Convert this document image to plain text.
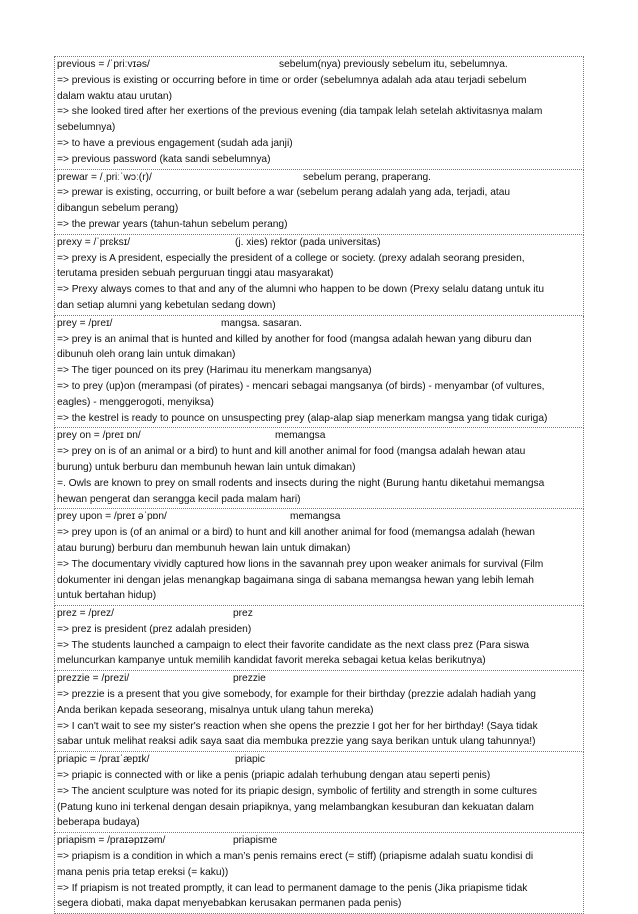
previous = /ˈpriːvɪəs/	sebelum(nya) previously sebelum itu, sebelumnya.
=> previous is existing or occurring before in time or order (sebelumnya adalah ada atau terjadi sebelum
dalam waktu atau urutan)
=> she looked tired after her exertions of the previous evening (dia tampak lelah setelah aktivitasnya malam
sebelumnya)
=> to have a previous engagement (sudah ada janji)
=> previous password (kata sandi sebelumnya)
prewar = /ˌpriːˈwɔː(r)/	sebelum perang, praperang.
=> prewar is existing, occurring, or built before a war (sebelum perang adalah yang ada, terjadi, atau
dibangun sebelum perang)
=> the prewar years (tahun-tahun sebelum perang)
prexy = /ˈprɛksɪ/	(j. xies) rektor (pada universitas)
=> prexy is A president, especially the president of a college or society. (prexy adalah seorang presiden,
terutama presiden sebuah perguruan tinggi atau masyarakat)
=> Prexy always comes to that and any of the alumni who happen to be down (Prexy selalu datang untuk itu
dan setiap alumni yang kebetulan sedang down)
prey = /preɪ/	mangsa. sasaran.
=> prey is an animal that is hunted and killed by another for food (mangsa adalah hewan yang diburu dan
dibunuh oleh orang lain untuk dimakan)
=> The tiger pounced on its prey (Harimau itu menerkam mangsanya)
=> to prey (up)on (merampasi (of pirates) - mencari sebagai mangsanya (of birds) - menyambar (of vultures,
eagles) - menggerogoti, menyiksa)
=> the kestrel is ready to pounce on unsuspecting prey (alap-alap siap menerkam mangsa yang tidak curiga)
prey on = /preɪ ɒn/	memangsa
=> prey on is of an animal or a bird) to hunt and kill another animal for food (mangsa adalah hewan atau
burung) untuk berburu dan membunuh hewan lain untuk dimakan)
=. Owls are known to prey on small rodents and insects during the night (Burung hantu diketahui memangsa
hewan pengerat dan serangga kecil pada malam hari)
prey upon = /preɪ əˈpɒn/	memangsa
=> prey upon is (of an animal or a bird) to hunt and kill another animal for food (memangsa adalah (hewan
atau burung) berburu dan membunuh hewan lain untuk dimakan)
=> The documentary vividly captured how lions in the savannah prey upon weaker animals for survival (Film
dokumenter ini dengan jelas menangkap bagaimana singa di sabana memangsa hewan yang lebih lemah
untuk bertahan hidup)
prez = /prez/	prez
=> prez is president (prez adalah presiden)
=> The students launched a campaign to elect their favorite candidate as the next class prez (Para siswa
meluncurkan kampanye untuk memilih kandidat favorit mereka sebagai ketua kelas berikutnya)
prezzie = /prezi/	prezzie
=> prezzie is a present that you give somebody, for example for their birthday (prezzie adalah hadiah yang
Anda berikan kepada seseorang, misalnya untuk ulang tahun mereka)
=> I can't wait to see my sister's reaction when she opens the prezzie I got her for her birthday! (Saya tidak
sabar untuk melihat reaksi adik saya saat dia membuka prezzie yang saya berikan untuk ulang tahunnya!)
priapic = /praɪˈæpɪk/	priapic
=> priapic is connected with or like a penis (priapic adalah terhubung dengan atau seperti penis)
=> The ancient sculpture was noted for its priapic design, symbolic of fertility and strength in some cultures
(Patung kuno ini terkenal dengan desain priapiknya, yang melambangkan kesuburan dan kekuatan dalam
beberapa budaya)
priapism = /praɪəpɪzəm/	priapisme
=> priapism is a condition in which a man’s penis remains erect (= stiff) (priapisme adalah suatu kondisi di
mana penis pria tetap ereksi (= kaku))
=> If priapism is not treated promptly, it can lead to permanent damage to the penis (Jika priapisme tidak
segera diobati, maka dapat menyebabkan kerusakan permanen pada penis)
